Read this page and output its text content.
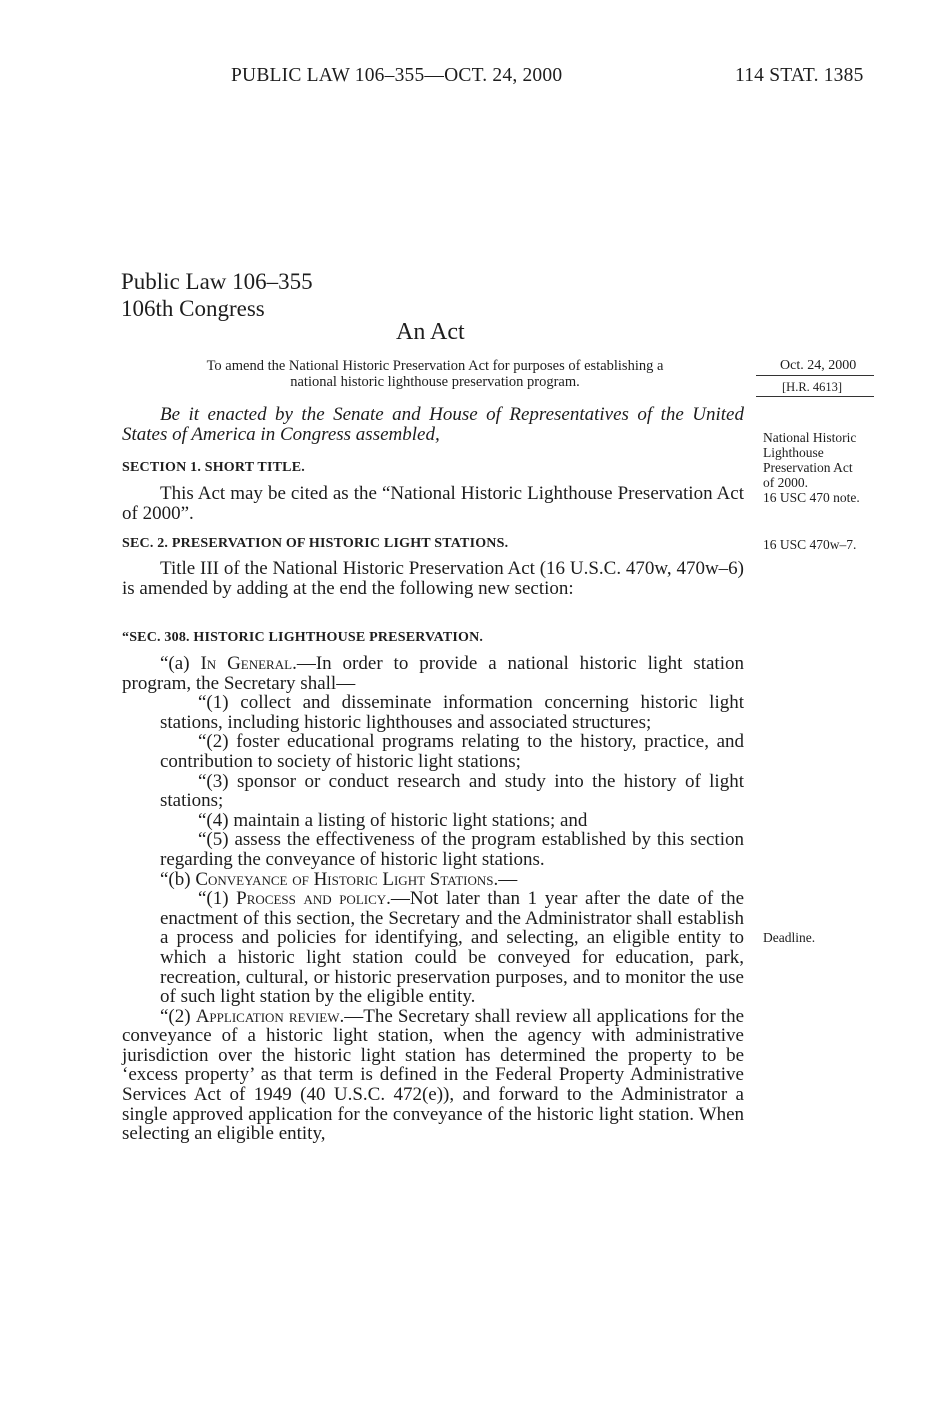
PUBLIC LAW 106–355—OCT. 24, 2000	114 STAT. 1385
Public Law 106–355
106th Congress
An Act
To amend the National Historic Preservation Act for purposes of establishing a
national historic lighthouse preservation program.
Oct. 24, 2000
[H.R. 4613]
National Historic
Lighthouse
Preservation Act
of 2000.
16 USC 470 note.
16 USC 470w–7.
Deadline.

Be it enacted by the Senate and House of Representatives of the United States of America in Congress assembled,

SECTION 1. SHORT TITLE.

This Act may be cited as the “National Historic Lighthouse Preservation Act of 2000”.

SEC. 2. PRESERVATION OF HISTORIC LIGHT STATIONS.

Title III of the National Historic Preservation Act (16 U.S.C. 470w, 470w–6) is amended by adding at the end the following new section:

“SEC. 308. HISTORIC LIGHTHOUSE PRESERVATION.

“(a) In General.—In order to provide a national historic light station program, the Secretary shall—

“(1) collect and disseminate information concerning historic light stations, including historic lighthouses and associated structures;

“(2) foster educational programs relating to the history, practice, and contribution to society of historic light stations;

“(3) sponsor or conduct research and study into the history of light stations;

“(4) maintain a listing of historic light stations; and

“(5) assess the effectiveness of the program established by this section regarding the conveyance of historic light stations.

“(b) Conveyance of Historic Light Stations.—

“(1) Process and policy.—Not later than 1 year after the date of the enactment of this section, the Secretary and the Administrator shall establish a process and policies for identifying, and selecting, an eligible entity to which a historic light station could be conveyed for education, park, recreation, cultural, or historic preservation purposes, and to monitor the use of such light station by the eligible entity.

“(2) Application review.—The Secretary shall review all applications for the conveyance of a historic light station, when the agency with administrative jurisdiction over the historic light station has determined the property to be ‘excess property’ as that term is defined in the Federal Property Administrative Services Act of 1949 (40 U.S.C. 472(e)), and forward to the Administrator a single approved application for the conveyance of the historic light station. When selecting an eligible entity,
